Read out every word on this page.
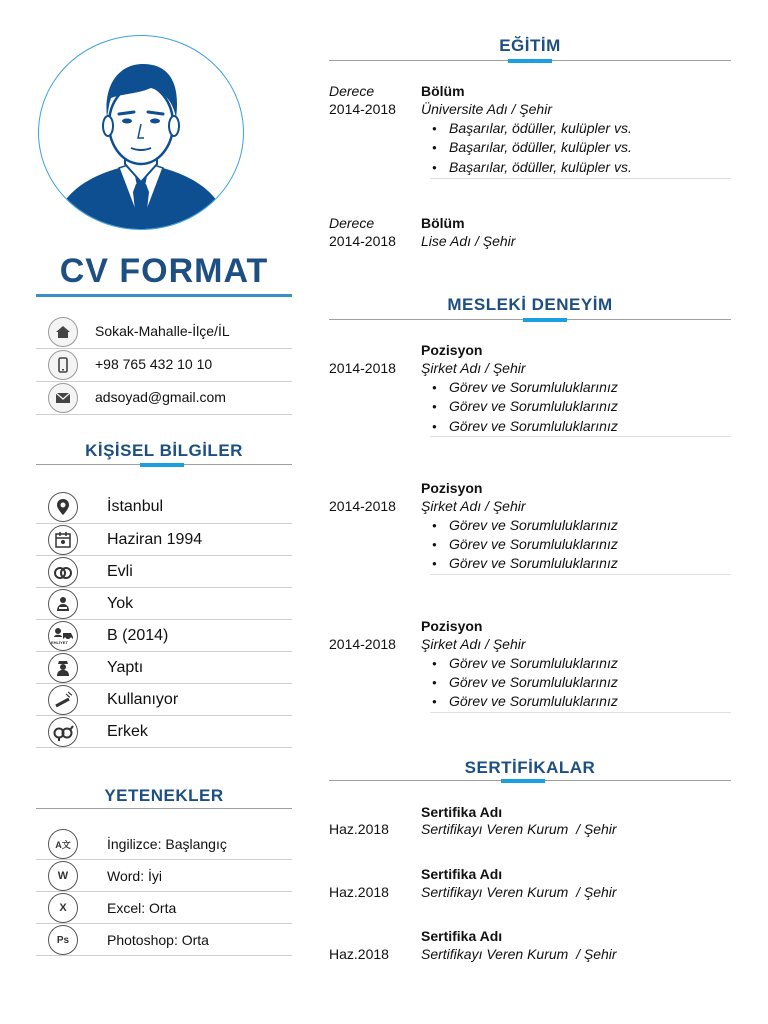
CV FORMAT
Sokak-Mahalle-İlçe/İL
+98 765 432 10 10
adsoyad@gmail.com
KİŞİSEL BİLGİLER
İstanbul
Haziran 1994
Evli
Yok
EHLİYET B (2014)
Yaptı
Kullanıyor
Erkek
YETENEKLER
A文	İngilizce: Başlangıç
W	Word: İyi
X	Excel: Orta
Ps	Photoshop: Orta
EĞİTİM
Derece	Bölüm
2014-2018 Üniversite Adı / Şehir
● Başarılar, ödüller, kulüpler vs.
● Başarılar, ödüller, kulüpler vs.
● Başarılar, ödüller, kulüpler vs.
Derece	Bölüm
2014-2018 Lise Adı / Şehir
MESLEKİ DENEYİM
Pozisyon
2014-2018 Şirket Adı / Şehir
● Görev ve Sorumluluklarınız
● Görev ve Sorumluluklarınız
● Görev ve Sorumluluklarınız
Pozisyon
2014-2018 Şirket Adı / Şehir
● Görev ve Sorumluluklarınız
● Görev ve Sorumluluklarınız
● Görev ve Sorumluluklarınız
Pozisyon
2014-2018 Şirket Adı / Şehir
● Görev ve Sorumluluklarınız
● Görev ve Sorumluluklarınız
● Görev ve Sorumluluklarınız
SERTİFİKALAR
Sertifika Adı
Haz.2018 Sertifikayı Veren Kurum  / Şehir
Sertifika Adı
Haz.2018 Sertifikayı Veren Kurum  / Şehir
Sertifika Adı
Haz.2018 Sertifikayı Veren Kurum  / Şehir
